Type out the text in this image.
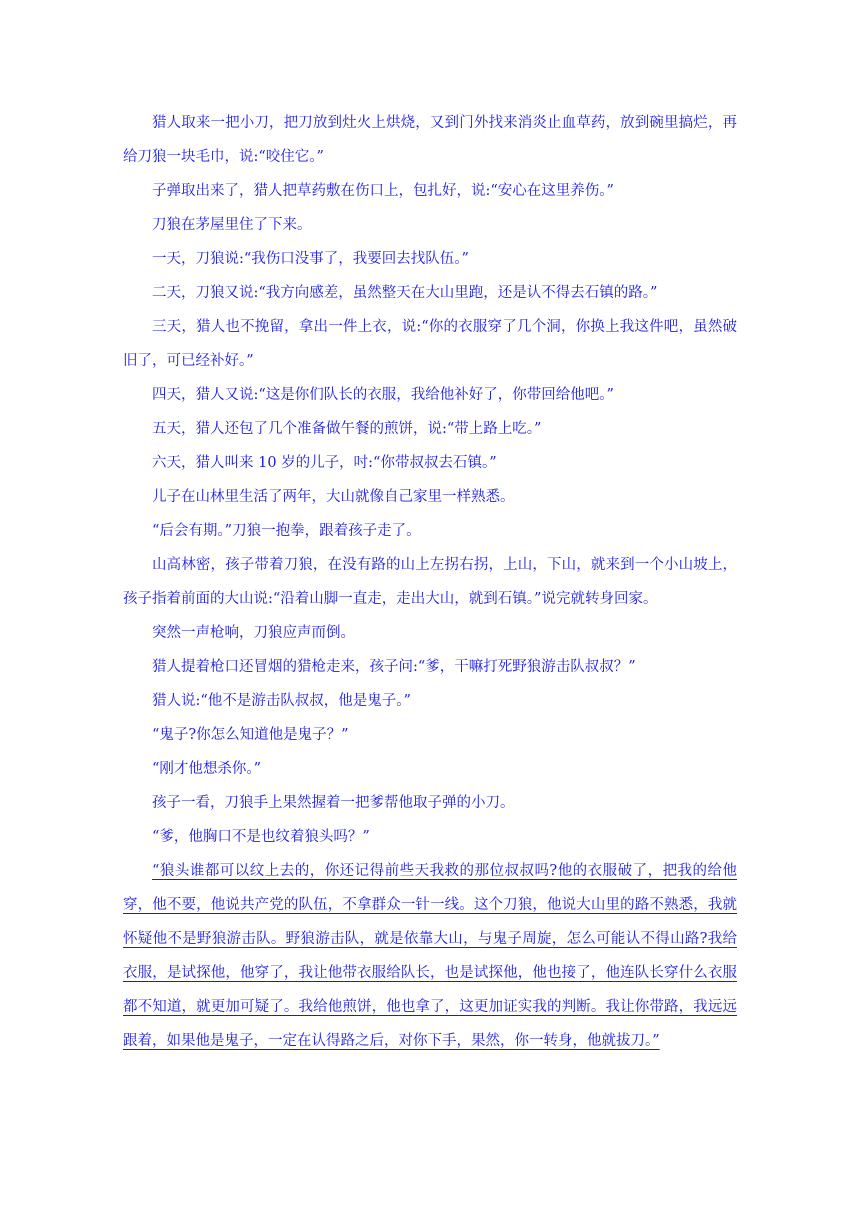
猎人取来一把小刀，把刀放到灶火上烘烧，又到门外找来消炎止血草药，放到碗里搞烂，再给刀狼一块毛巾，说:“咬住它。”

子弹取出来了，猎人把草药敷在伤口上，包扎好，说:“安心在这里养伤。”

刀狼在茅屋里住了下来。

一天，刀狼说:“我伤口没事了，我要回去找队伍。”

二天，刀狼又说:“我方向感差，虽然整天在大山里跑，还是认不得去石镇的路。”

三天，猎人也不挽留，拿出一件上衣，说:“你的衣服穿了几个洞，你换上我这件吧，虽然破旧了，可已经补好。”

四天，猎人又说:“这是你们队长的衣服，我给他补好了，你带回给他吧。”

五天，猎人还包了几个准备做午餐的煎饼，说:“带上路上吃。”

六天，猎人叫来 10 岁的儿子，吋:“你带叔叔去石镇。”

儿子在山林里生活了两年，大山就像自己家里一样熟悉。

“后会有期。”刀狼一抱拳，跟着孩子走了。

山高林密，孩子带着刀狼，在没有路的山上左拐右拐，上山，下山，就来到一个小山坡上，孩子指着前面的大山说:“沿着山脚一直走，走出大山，就到石镇。”说完就转身回家。

突然一声枪响，刀狼应声而倒。

猎人提着枪口还冒烟的猎枪走来，孩子问:“爹，干嘛打死野狼游击队叔叔？”

猎人说:“他不是游击队叔叔，他是鬼子。”

“鬼子?你怎么知道他是鬼子？”

“刚才他想杀你。”

孩子一看，刀狼手上果然握着一把爹帮他取子弹的小刀。

“爹，他胸口不是也纹着狼头吗？”

“狼头谁都可以纹上去的，你还记得前些天我救的那位叔叔吗?他的衣服破了，把我的给他穿，他不要，他说共产党的队伍，不拿群众一针一线。这个刀狼，他说大山里的路不熟悉，我就怀疑他不是野狼游击队。野狼游击队，就是依靠大山，与鬼子周旋，怎么可能认不得山路?我给衣服，是试探他，他穿了，我让他带衣服给队长，也是试探他，他也接了，他连队长穿什么衣服都不知道，就更加可疑了。我给他煎饼，他也拿了，这更加证实我的判断。我让你带路，我远远跟着，如果他是鬼子，一定在认得路之后，对你下手，果然，你一转身，他就拔刀。”
